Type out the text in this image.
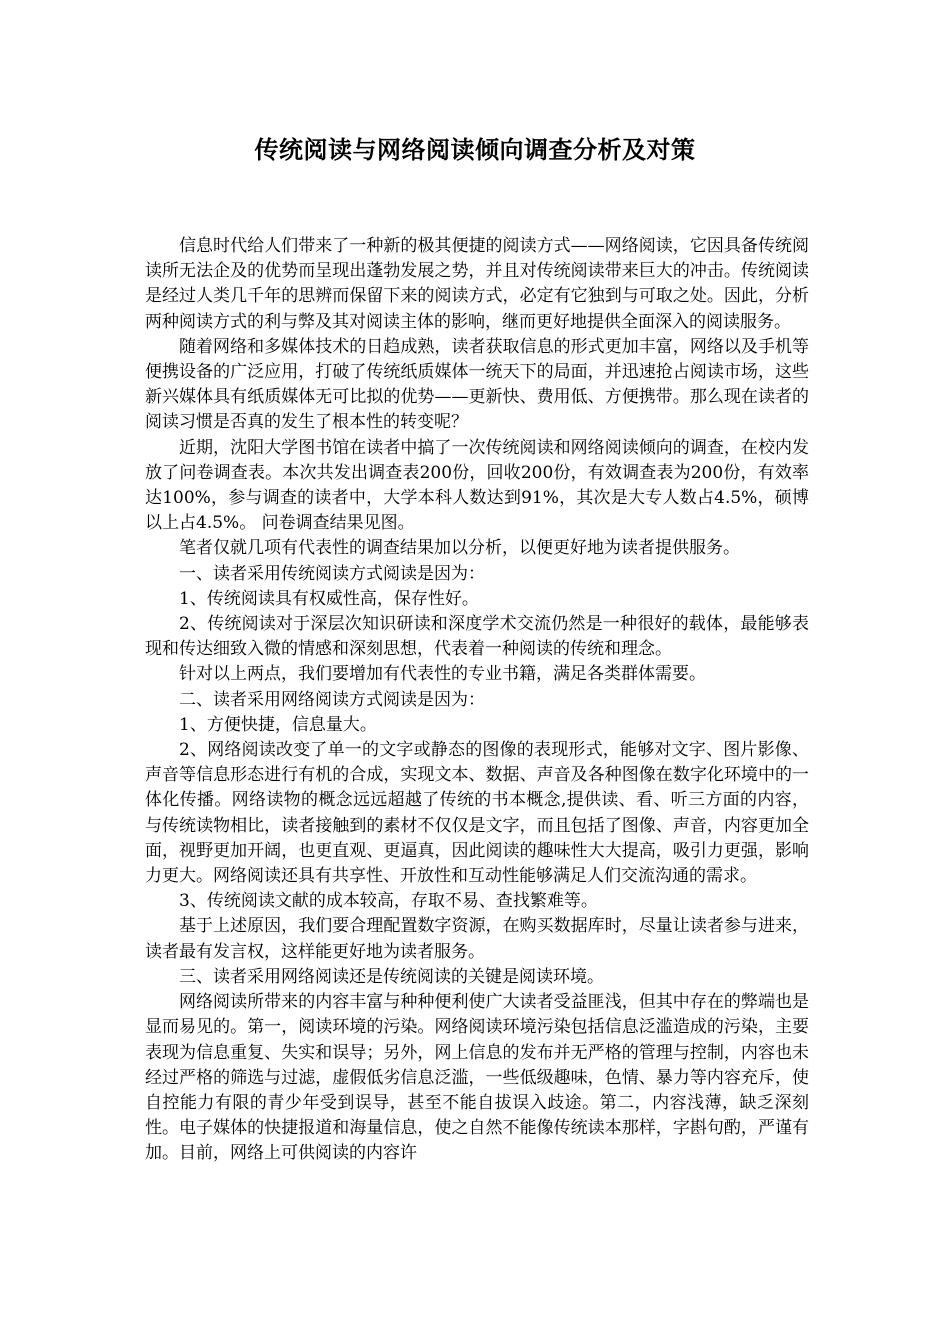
传统阅读与网络阅读倾向调查分析及对策

信息时代给人们带来了一种新的极其便捷的阅读方式——网络阅读，它因具备传统阅读所无法企及的优势而呈现出蓬勃发展之势，并且对传统阅读带来巨大的冲击。传统阅读是经过人类几千年的思辨而保留下来的阅读方式，必定有它独到与可取之处。因此，分析两种阅读方式的利与弊及其对阅读主体的影响，继而更好地提供全面深入的阅读服务。

随着网络和多媒体技术的日趋成熟，读者获取信息的形式更加丰富，网络以及手机等便携设备的广泛应用，打破了传统纸质媒体一统天下的局面，并迅速抢占阅读市场，这些新兴媒体具有纸质媒体无可比拟的优势——更新快、费用低、方便携带。那么现在读者的阅读习惯是否真的发生了根本性的转变呢？

近期，沈阳大学图书馆在读者中搞了一次传统阅读和网络阅读倾向的调查，在校内发放了问卷调查表。本次共发出调查表200份，回收200份，有效调查表为200份，有效率达100%，参与调查的读者中，大学本科人数达到91%，其次是大专人数占4.5%，硕博以上占4.5%。 问卷调查结果见图。

笔者仅就几项有代表性的调查结果加以分析，以便更好地为读者提供服务。

一、读者采用传统阅读方式阅读是因为：

1、传统阅读具有权威性高，保存性好。

2、传统阅读对于深层次知识研读和深度学术交流仍然是一种很好的载体，最能够表现和传达细致入微的情感和深刻思想，代表着一种阅读的传统和理念。

针对以上两点，我们要增加有代表性的专业书籍，满足各类群体需要。

二、读者采用网络阅读方式阅读是因为：

1、方便快捷，信息量大。

2、网络阅读改变了单一的文字或静态的图像的表现形式，能够对文字、图片影像、声音等信息形态进行有机的合成，实现文本、数据、声音及各种图像在数字化环境中的一体化传播。网络读物的概念远远超越了传统的书本概念,提供读、看、听三方面的内容，与传统读物相比，读者接触到的素材不仅仅是文字，而且包括了图像、声音，内容更加全面，视野更加开阔，也更直观、更逼真，因此阅读的趣味性大大提高，吸引力更强，影响力更大。网络阅读还具有共享性、开放性和互动性能够满足人们交流沟通的需求。

3、传统阅读文献的成本较高，存取不易、查找繁难等。

基于上述原因，我们要合理配置数字资源，在购买数据库时，尽量让读者参与进来，读者最有发言权，这样能更好地为读者服务。

三、读者采用网络阅读还是传统阅读的关键是阅读环境。

网络阅读所带来的内容丰富与种种便利使广大读者受益匪浅，但其中存在的弊端也是显而易见的。第一，阅读环境的污染。网络阅读环境污染包括信息泛滥造成的污染，主要表现为信息重复、失实和误导；另外，网上信息的发布并无严格的管理与控制，内容也未经过严格的筛选与过滤，虚假低劣信息泛滥，一些低级趣味，色情、暴力等内容充斥，使自控能力有限的青少年受到误导，甚至不能自拔误入歧途。第二，内容浅薄，缺乏深刻性。电子媒体的快捷报道和海量信息，使之自然不能像传统读本那样，字斟句酌，严谨有加。目前，网络上可供阅读的内容许
